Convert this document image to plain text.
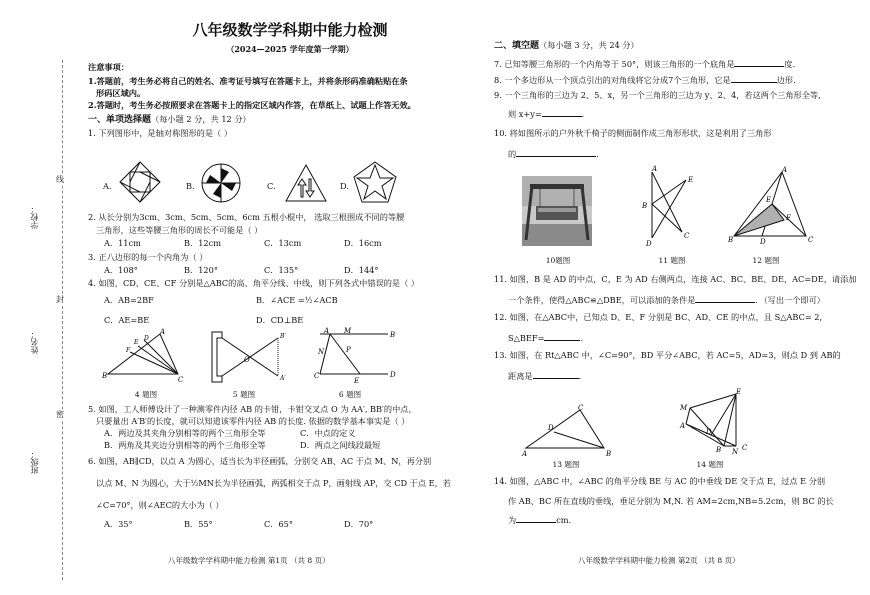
线
封
密
学校：
姓名：
班级：
八年级数学学科期中能力检测
（2024—2025 学年度第一学期）
注意事项：
1.答题前，考生务必将自己的姓名、准考证号填写在答题卡上，并将条形码准确粘贴在条
形码区域内。
2.答题时，考生务必按照要求在答题卡上的指定区域内作答，在草纸上、试题上作答无效。
一、单项选择题（每小题 2 分，共 12 分）
1. 下列图形中，是轴对称图形的是（ ）
A.	B.	C.	D.
2. 从长分别为3cm、3cm、5cm、5cm、6cm 五根小棍中， 选取三根围成不同的等腰
三角形，这些等腰三角形的周长不可能是（ ）
A．11cm	B．12cm	C．13cm	D．16cm
3. 正八边形的每一个内角为（ ）
A．108°	B．120°	C．135°	D．144°
4. 如图，CD、CE、CF 分别是△ABC的高、角平分线、中线，则下列各式中错误的是（ ）
A．AB=2BF	B．∠ACE =½∠ACB
C．AE=BE	D．CD⊥BE
B	C
A
D
E
F
4 题图
O
B′
A′
5 题图
A M	B
C
E
D
N	P
6 题图
5. 如图，工人师傅设计了一种测零件内径 AB 的卡钳，卡钳交叉点 O 为 AA′, BB′的中点，
只要量出 A′B′的长度，就可以知道该零件内径 AB 的长度. 依据的数学基本事实是（ ）
A．两边及其夹角分别相等的两个三角形全等	C．中点的定义
B．两角及其夹边分别相等的两个三角形全等	D．两点之间线段最短
6. 如图，AB∥CD，以点 A 为圆心，适当长为半径画弧，分别交 AB、AC 于点 M、N，再分别
以点 M、N 为圆心，大于½MN长为半径画弧，两弧相交于点 P，画射线 AP，交 CD 于点 E，若
∠C=70°，则∠AEC的大小为（ ）
A．35°	B．55°	C．65°	D．70°
八年级数学学科期中能力检测 第1页 （共 8 页）
二、填空题（每小题 3 分，共 24 分）
7. 已知等腰三角形的一个内角等于 50°，则该三角形的一个底角是	度.
8. 一个多边形从一个顶点引出的对角线将它分成7个三角形，它是	边形.
9. 一个三角形的三边为 2、5、x，另一个三角形的三边为 y、2、4，若这两个三角形全等,
则 x+y=	.
10. 将如图所示的户外秋千椅子的侧面制作成三角形形状，这是利用了三角形
的	.
10题图
A
E
B
C
D
11 题图
A
B	D	C
E
F
12 题图
11. 如图，B 是 AD 的中点，C，E 为 AD 右侧两点，连接 AC、BC、BE、DE，AC=DE，请添加
一个条件，使得△ABC≌△DBE，可以添加的条件是	．（写出一个即可）
12. 如图，在△ABC中，已知点 D、E、F 分别是 BC、AD、CE 的中点，且 S△ABC= 2,
S△BEF=	.
13. 如图，在 Rt△ABC 中，∠C=90°，BD 平分∠ABC，若 AC=5，AD=3，则点 D 到 AB的
距离是	.
A	B
C
D
13 题图
E
M
A
D
B N C
14 题图
14. 如图，△ABC 中，∠ABC 的角平分线 BE 与 AC 的中垂线 DE 交于点 E，过点 E 分别
作 AB、BC 所在直线的垂线，垂足分别为 M,N. 若 AM=2cm,NB=5.2cm，则 BC 的长
为	cm.
八年级数学学科期中能力检测 第2页 （共 8 页）
